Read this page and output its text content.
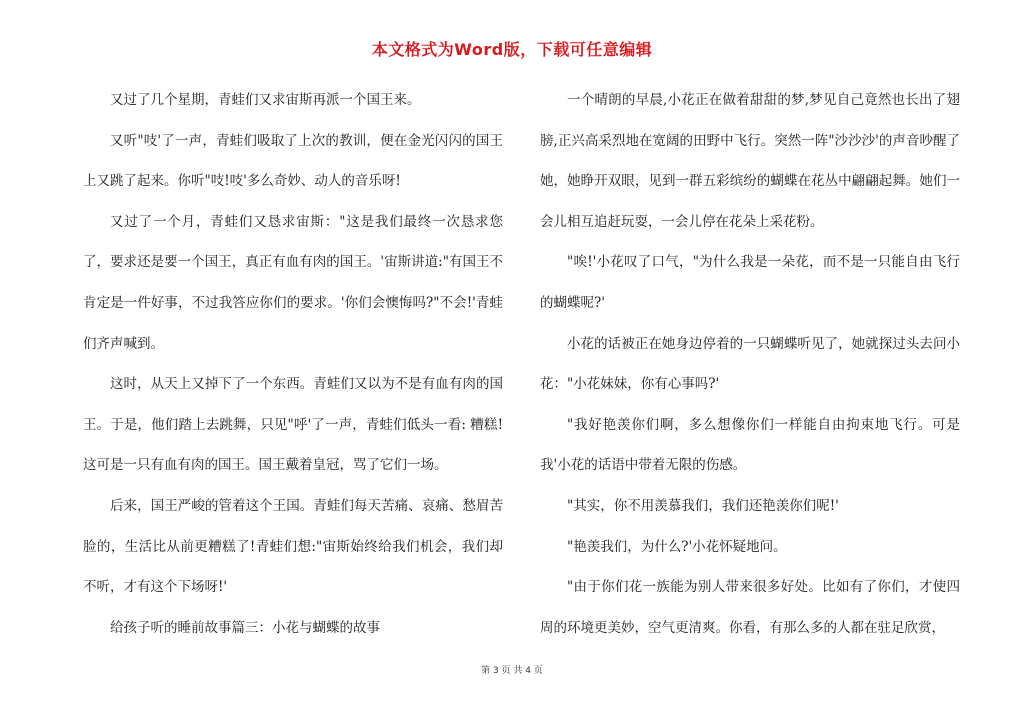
本文格式为Word版，下载可任意编辑

又过了几个星期，青蛙们又求宙斯再派一个国王来。

又听"吱'了一声，青蛙们吸取了上次的教训，便在金光闪闪的国王上又跳了起来。你听"吱!吱'多么奇妙、动人的音乐呀!

又过了一个月，青蛙们又恳求宙斯："这是我们最终一次恳求您了，要求还是要一个国王，真正有血有肉的国王。'宙斯讲道:"有国王不肯定是一件好事，不过我答应你们的要求。'你们会懊悔吗?"不会!'青蛙们齐声喊到。

这时，从天上又掉下了一个东西。青蛙们又以为不是有血有肉的国王。于是，他们踏上去跳舞，只见"呼'了一声，青蛙们低头一看: 糟糕!这可是一只有血有肉的国王。国王戴着皇冠，骂了它们一场。

后来，国王严峻的管着这个王国。青蛙们每天苦痛、哀痛、愁眉苦脸的，生活比从前更糟糕了!青蛙们想:"宙斯始终给我们机会，我们却不听，才有这个下场呀!'

给孩子听的睡前故事篇三：小花与蝴蝶的故事

一个晴朗的早晨,小花正在做着甜甜的梦,梦见自己竟然也长出了翅膀,正兴高采烈地在宽阔的田野中飞行。突然一阵"沙沙沙'的声音吵醒了她，她睁开双眼，见到一群五彩缤纷的蝴蝶在花丛中翩翩起舞。她们一会儿相互追赶玩耍，一会儿停在花朵上采花粉。

"唉!'小花叹了口气，"为什么我是一朵花，而不是一只能自由飞行的蝴蝶呢?'

小花的话被正在她身边停着的一只蝴蝶听见了，她就探过头去问小花："小花妹妹，你有心事吗?'

"我好艳羡你们啊，多么想像你们一样能自由拘束地飞行。可是我'小花的话语中带着无限的伤感。

"其实，你不用羡慕我们，我们还艳羡你们呢!'

"艳羡我们，为什么?'小花怀疑地问。

"由于你们花一族能为别人带来很多好处。比如有了你们，才使四周的环境更美妙，空气更清爽。你看，有那么多的人都在驻足欣赏，

第 3 页 共 4 页
